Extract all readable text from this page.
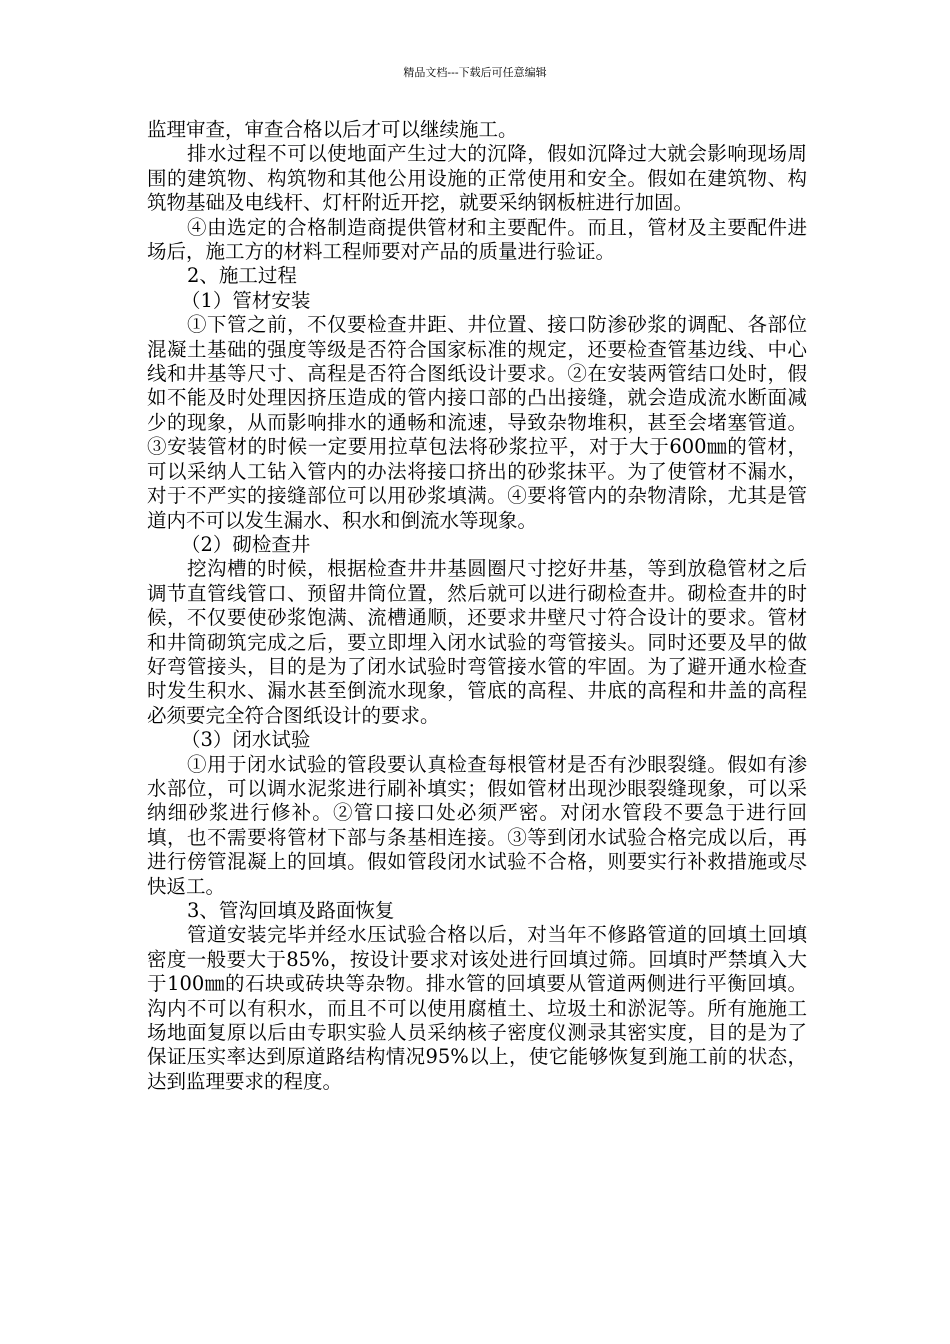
精品文档---下载后可任意编辑

监理审查，审查合格以后才可以继续施工。

排水过程不可以使地面产生过大的沉降，假如沉降过大就会影响现场周围的建筑物、构筑物和其他公用设施的正常使用和安全。假如在建筑物、构筑物基础及电线杆、灯杆附近开挖，就要采纳钢板桩进行加固。

④由选定的合格制造商提供管材和主要配件。而且，管材及主要配件进场后，施工方的材料工程师要对产品的质量进行验证。

2、施工过程

（1）管材安装

①下管之前，不仅要检查井距、井位置、接口防渗砂浆的调配、各部位混凝土基础的强度等级是否符合国家标准的规定，还要检查管基边线、中心线和井基等尺寸、高程是否符合图纸设计要求。②在安装两管结口处时，假如不能及时处理因挤压造成的管内接口部的凸出接缝，就会造成流水断面减少的现象，从而影响排水的通畅和流速，导致杂物堆积，甚至会堵塞管道。③安装管材的时候一定要用拉草包法将砂浆拉平，对于大于600㎜的管材，可以采纳人工钻入管内的办法将接口挤出的砂浆抹平。为了使管材不漏水，对于不严实的接缝部位可以用砂浆填满。④要将管内的杂物清除，尤其是管道内不可以发生漏水、积水和倒流水等现象。

（2）砌检查井

挖沟槽的时候，根据检查井井基圆圈尺寸挖好井基，等到放稳管材之后调节直管线管口、预留井筒位置，然后就可以进行砌检查井。砌检查井的时候，不仅要使砂浆饱满、流槽通顺，还要求井壁尺寸符合设计的要求。管材和井筒砌筑完成之后，要立即埋入闭水试验的弯管接头。同时还要及早的做好弯管接头，目的是为了闭水试验时弯管接水管的牢固。为了避开通水检查时发生积水、漏水甚至倒流水现象，管底的高程、井底的高程和井盖的高程必须要完全符合图纸设计的要求。

（3）闭水试验

①用于闭水试验的管段要认真检查每根管材是否有沙眼裂缝。假如有渗水部位，可以调水泥浆进行刷补填实；假如管材出现沙眼裂缝现象，可以采纳细砂浆进行修补。②管口接口处必须严密。对闭水管段不要急于进行回填，也不需要将管材下部与条基相连接。③等到闭水试验合格完成以后，再进行傍管混凝上的回填。假如管段闭水试验不合格，则要实行补救措施或尽快返工。

3、管沟回填及路面恢复

管道安装完毕并经水压试验合格以后，对当年不修路管道的回填土回填密度一般要大于85%，按设计要求对该处进行回填过筛。回填时严禁填入大于100㎜的石块或砖块等杂物。排水管的回填要从管道两侧进行平衡回填。沟内不可以有积水，而且不可以使用腐植土、垃圾土和淤泥等。所有施施工场地面复原以后由专职实验人员采纳核子密度仪测录其密实度，目的是为了保证压实率达到原道路结构情况95%以上，使它能够恢复到施工前的状态，达到监理要求的程度。
